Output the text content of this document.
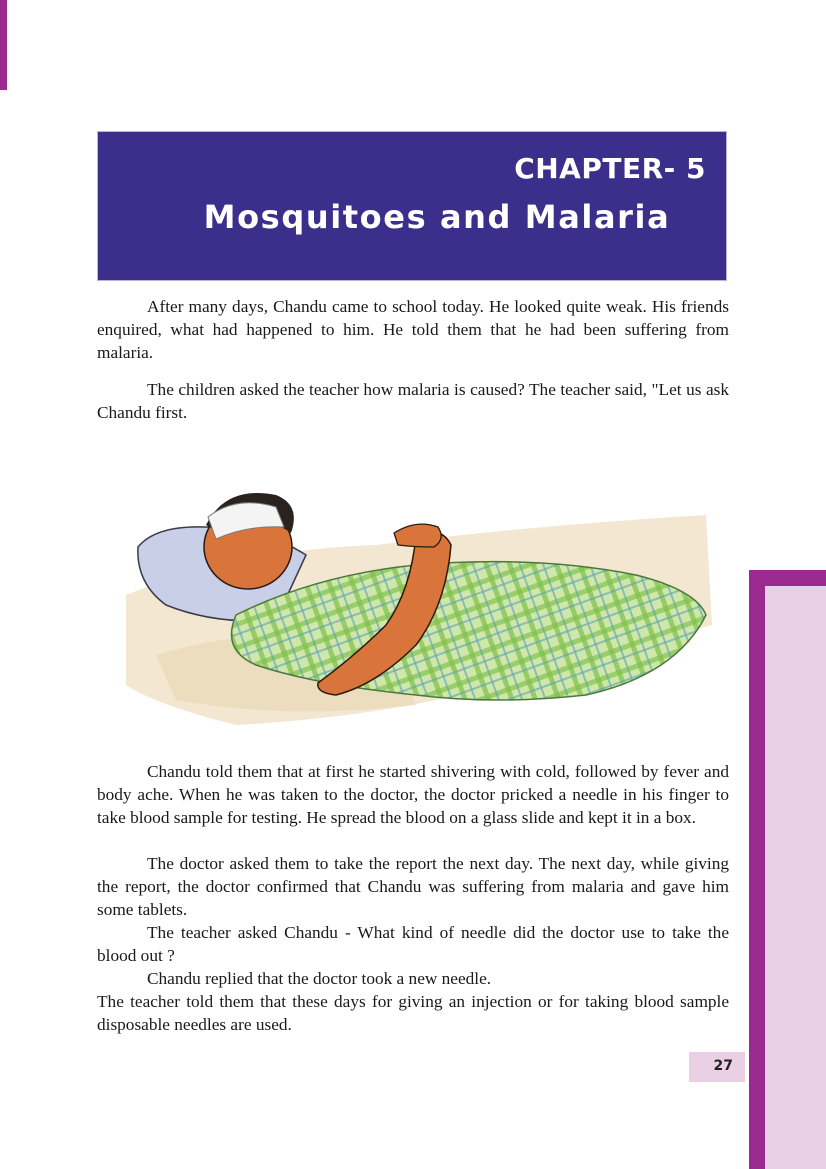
CHAPTER- 5
Mosquitoes and Malaria

After many days, Chandu came to school today. He looked quite weak. His friends enquired, what had happened to him. He told them that he had been suffering from malaria.

The children asked the teacher how malaria is caused? The teacher said, "Let us ask Chandu first.

Chandu told them that at first he started shivering with cold, followed by fever and body ache. When he was taken to the doctor, the doctor pricked a needle in his finger to take blood sample for testing. He spread the blood on a glass slide and kept it in a box.

The doctor asked them to take the report the next day. The next day, while giving the report, the doctor confirmed that Chandu was suffering from malaria and gave him some tablets.

The teacher asked Chandu - What kind of needle did the doctor use to take the blood out ?

Chandu replied that the doctor took a new needle.

The teacher told them that these days for giving an injection or for taking blood sample disposable needles are used.

27
